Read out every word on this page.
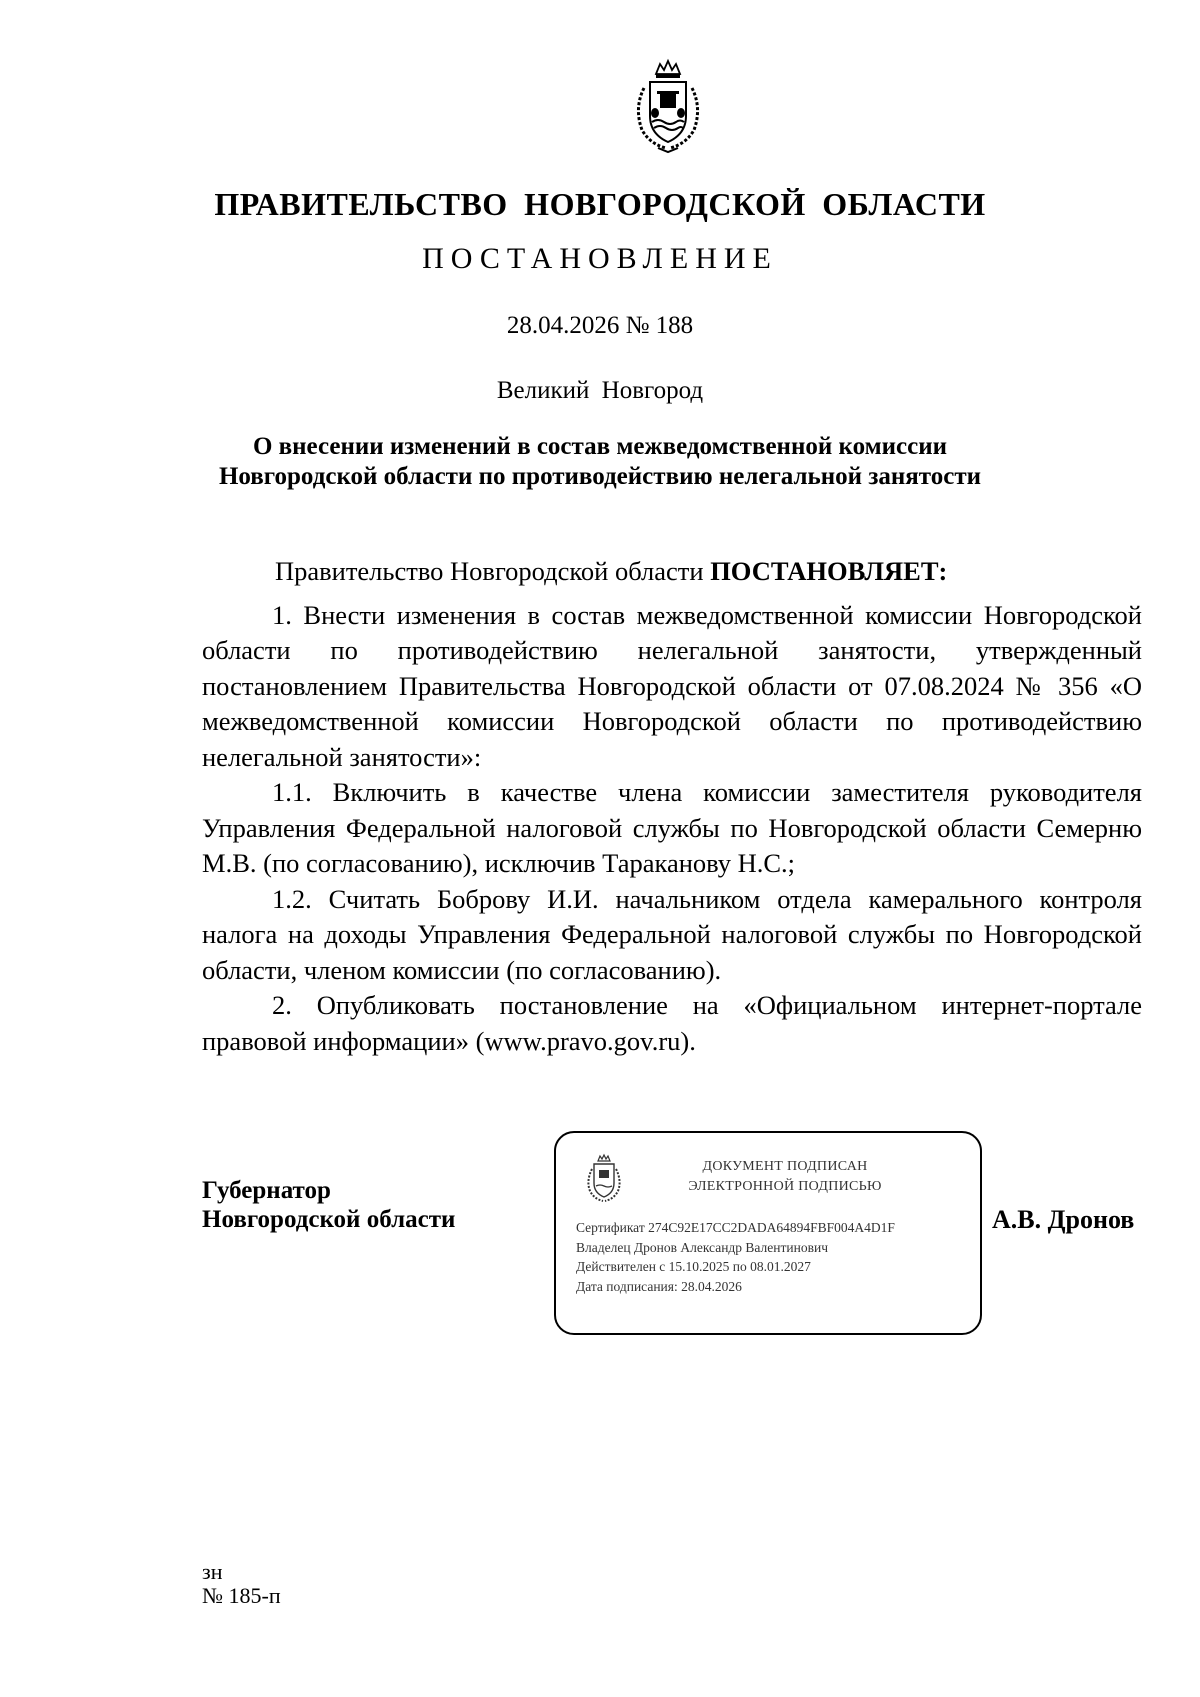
ПРАВИТЕЛЬСТВО НОВГОРОДСКОЙ ОБЛАСТИ
ПОСТАНОВЛЕНИЕ
28.04.2026 № 188
Великий Новгород
О внесении изменений в состав межведомственной комиссии
Новгородской области по противодействию нелегальной занятости

Правительство Новгородской области ПОСТАНОВЛЯЕТ:

1. Внести изменения в состав межведомственной комиссии Новгородской области по противодействию нелегальной занятости, утвержденный постановлением Правительства Новгородской области от 07.08.2024 № 356 «О межведомственной комиссии Новгородской области по противодействию нелегальной занятости»:

1.1. Включить в качестве члена комиссии заместителя руководителя Управления Федеральной налоговой службы по Новгородской области Семерню М.В. (по согласованию), исключив Тараканову Н.С.;

1.2. Считать Боброву И.И. начальником отдела камерального контроля налога на доходы Управления Федеральной налоговой службы по Новгородской области, членом комиссии (по согласованию).

2. Опубликовать постановление на «Официальном интернет-портале правовой информации» (www.pravo.gov.ru).

Губернатор
Новгородской области
ДОКУМЕНТ ПОДПИСАН
ЭЛЕКТРОННОЙ ПОДПИСЬЮ
Сертификат 274C92E17CC2DADA64894FBF004A4D1F
Владелец Дронов Александр Валентинович
Действителен с 15.10.2025 по 08.01.2027
Дата подписания: 28.04.2026
А.В. Дронов
зн
№ 185-п
